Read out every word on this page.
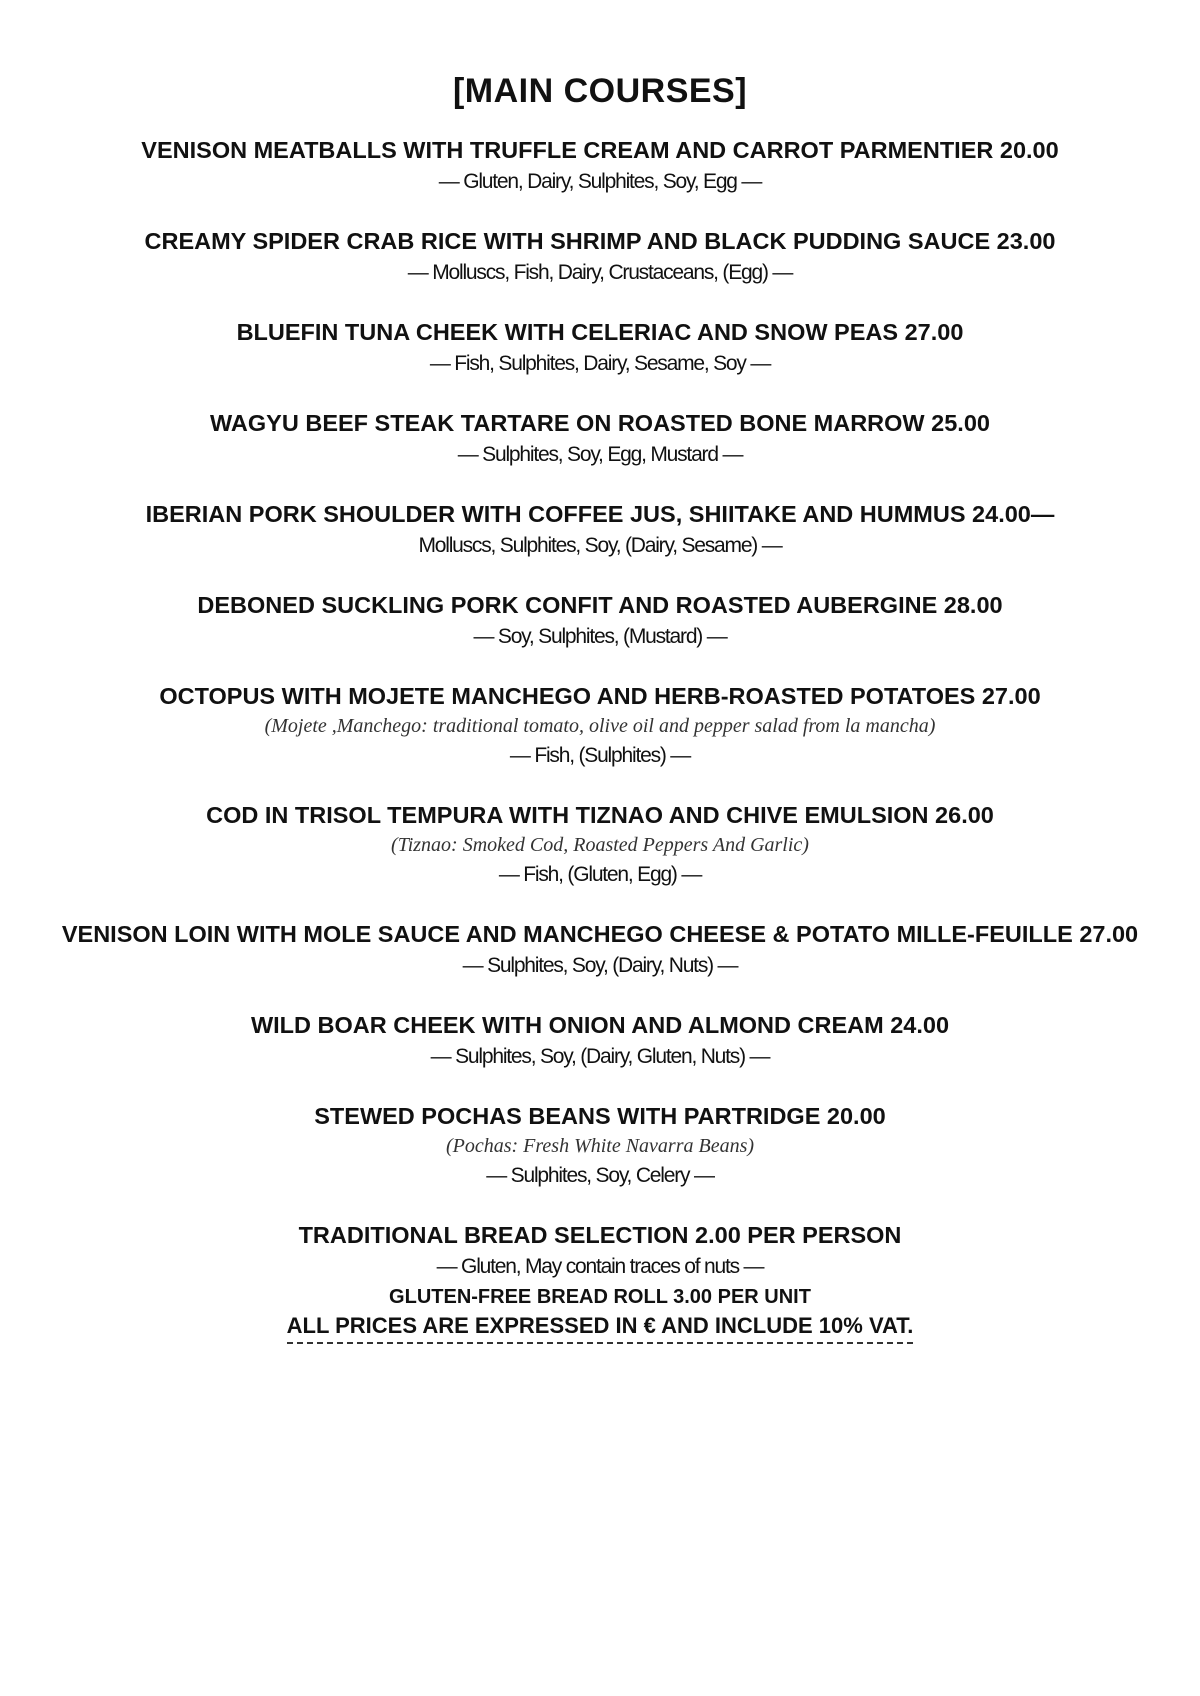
[MAIN COURSES]

VENISON MEATBALLS WITH TRUFFLE CREAM AND CARROT PARMENTIER 20.00

— Gluten, Dairy, Sulphites, Soy, Egg —

CREAMY SPIDER CRAB RICE WITH SHRIMP AND BLACK PUDDING SAUCE 23.00

— Molluscs, Fish, Dairy, Crustaceans, (Egg) —

BLUEFIN TUNA CHEEK WITH CELERIAC AND SNOW PEAS 27.00

— Fish, Sulphites, Dairy, Sesame, Soy —

WAGYU BEEF STEAK TARTARE ON ROASTED BONE MARROW 25.00

— Sulphites, Soy, Egg, Mustard —

IBERIAN PORK SHOULDER WITH COFFEE JUS, SHIITAKE AND HUMMUS 24.00—

Molluscs, Sulphites, Soy, (Dairy, Sesame) —

DEBONED SUCKLING PORK CONFIT AND ROASTED AUBERGINE 28.00

— Soy, Sulphites, (Mustard) —

OCTOPUS WITH MOJETE MANCHEGO AND HERB-ROASTED POTATOES 27.00

(Mojete ,Manchego: traditional tomato, olive oil and pepper salad from la mancha)

— Fish, (Sulphites) —

COD IN TRISOL TEMPURA WITH TIZNAO AND CHIVE EMULSION 26.00

(Tiznao: Smoked Cod, Roasted Peppers And Garlic)

— Fish, (Gluten, Egg) —

VENISON LOIN WITH MOLE SAUCE AND MANCHEGO CHEESE & POTATO MILLE-FEUILLE 27.00

— Sulphites, Soy, (Dairy, Nuts) —

WILD BOAR CHEEK WITH ONION AND ALMOND CREAM 24.00

— Sulphites, Soy, (Dairy, Gluten, Nuts) —

STEWED POCHAS BEANS WITH PARTRIDGE 20.00

(Pochas: Fresh White Navarra Beans)

— Sulphites, Soy, Celery —

TRADITIONAL BREAD SELECTION 2.00 PER PERSON

— Gluten, May contain traces of nuts —

GLUTEN-FREE BREAD ROLL 3.00 PER UNIT

ALL PRICES ARE EXPRESSED IN € AND INCLUDE 10% VAT.
